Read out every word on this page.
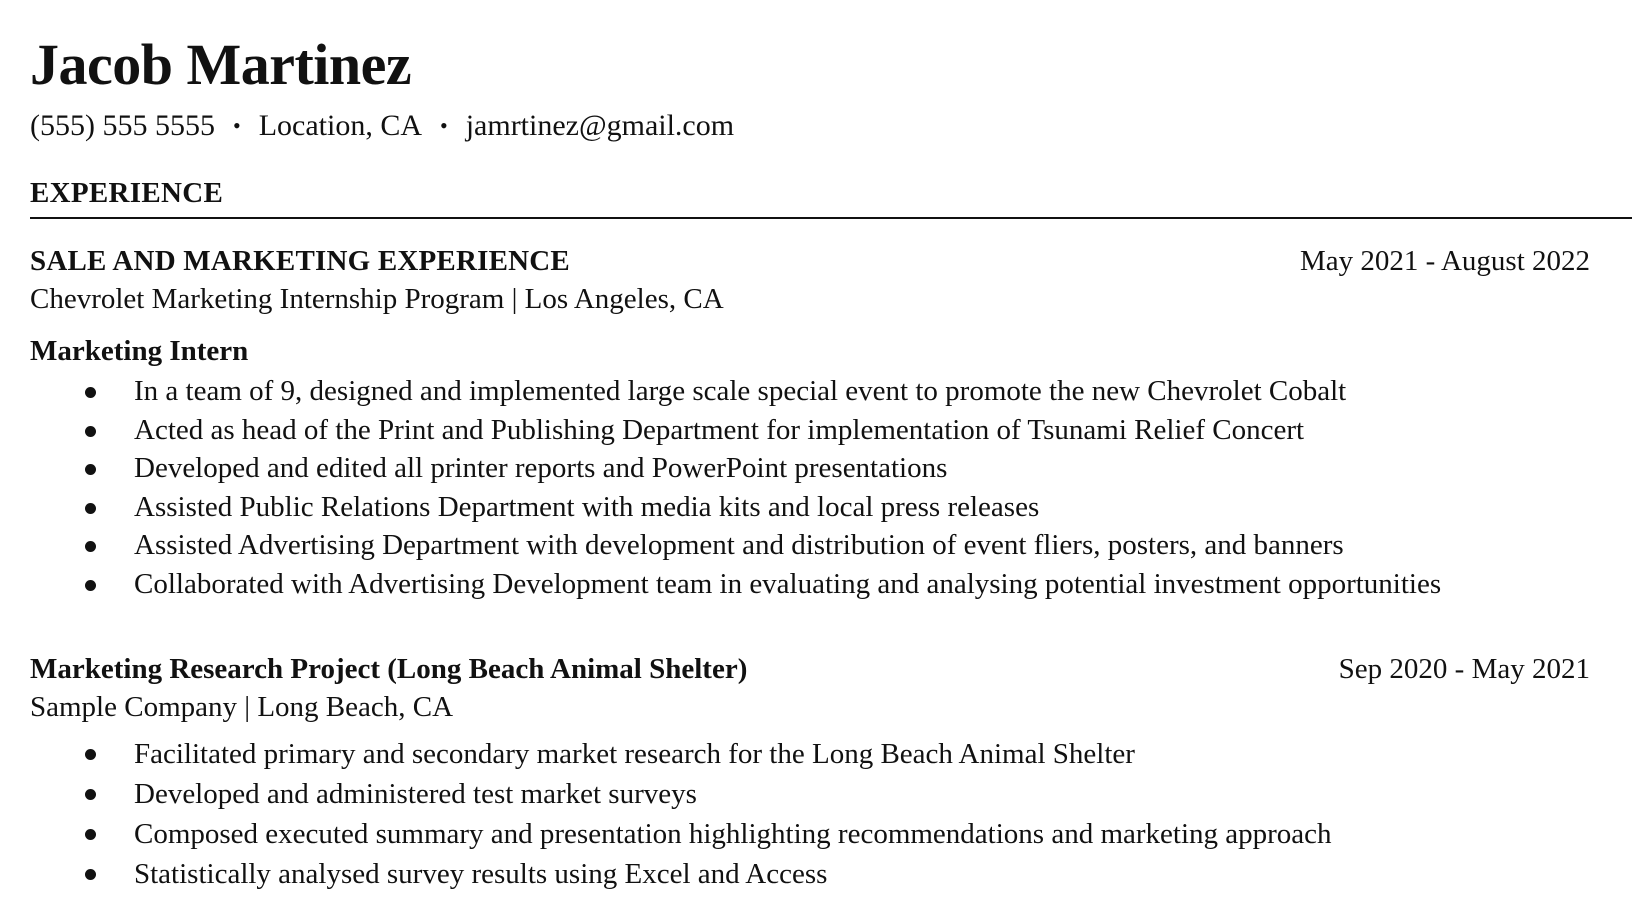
Jacob Martinez
(555) 555 5555 • Location, CA • jamrtinez@gmail.com
EXPERIENCE
SALE AND MARKETING EXPERIENCE	May 2021 - August 2022
Chevrolet Marketing Internship Program | Los Angeles, CA
Marketing Intern
In a team of 9, designed and implemented large scale special event to promote the new Chevrolet Cobalt
Acted as head of the Print and Publishing Department for implementation of Tsunami Relief Concert
Developed and edited all printer reports and PowerPoint presentations
Assisted Public Relations Department with media kits and local press releases
Assisted Advertising Department with development and distribution of event fliers, posters, and banners
Collaborated with Advertising Development team in evaluating and analysing potential investment opportunities
Marketing Research Project (Long Beach Animal Shelter)	Sep 2020 - May 2021
Sample Company | Long Beach, CA
Facilitated primary and secondary market research for the Long Beach Animal Shelter
Developed and administered test market surveys
Composed executed summary and presentation highlighting recommendations and marketing approach
Statistically analysed survey results using Excel and Access
